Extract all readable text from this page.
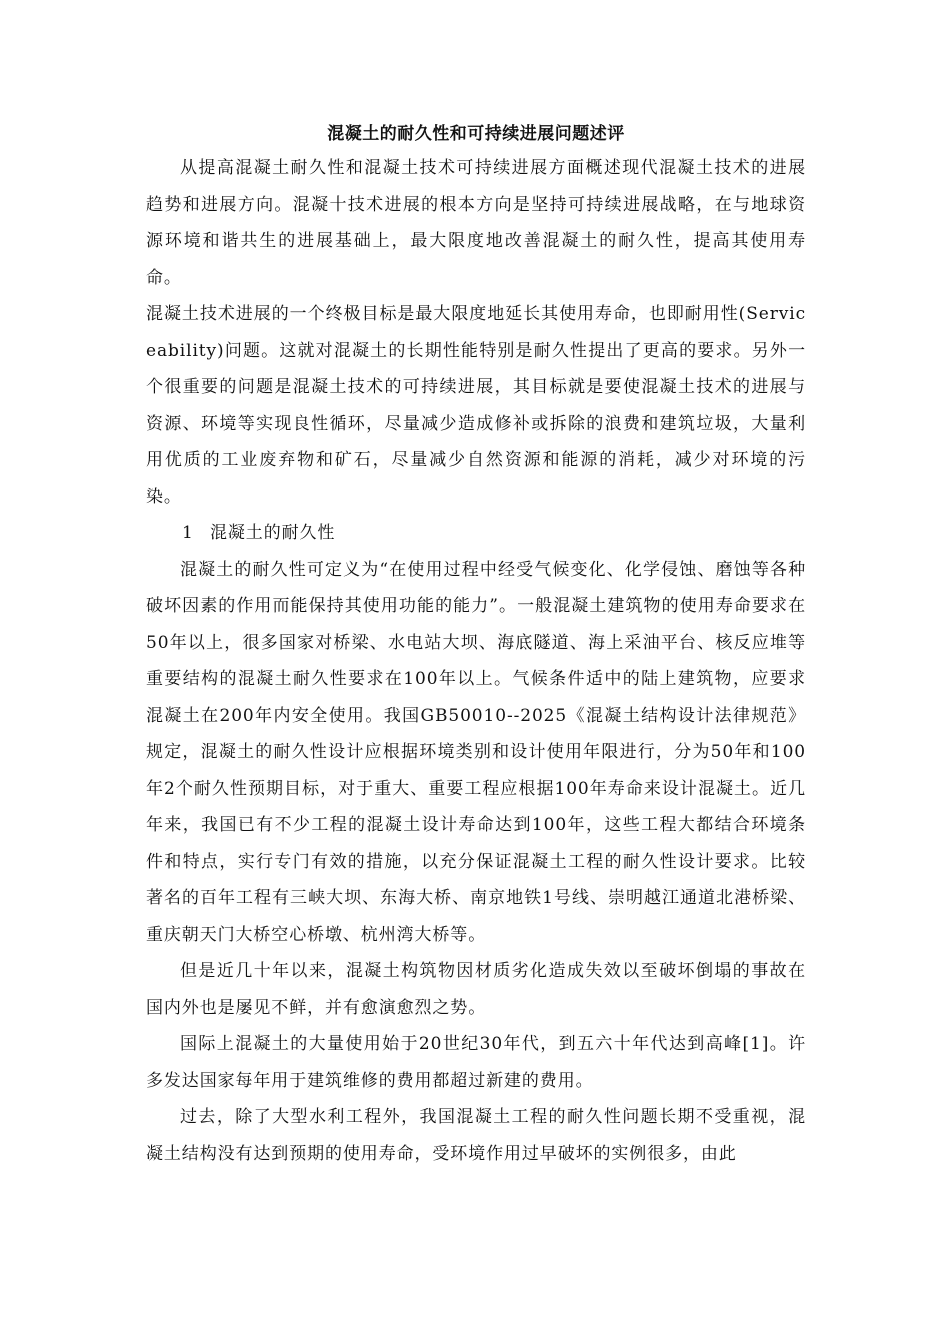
混凝土的耐久性和可持续进展问题述评

从提高混凝土耐久性和混凝土技术可持续进展方面概述现代混凝土技术的进展趋势和进展方向。混凝十技术进展的根本方向是坚持可持续进展战略，在与地球资源环境和谐共生的进展基础上，最大限度地改善混凝土的耐久性，提高其使用寿命。

混凝土技术进展的一个终极目标是最大限度地延长其使用寿命，也即耐用性(Serviceability)问题。这就对混凝土的长期性能特别是耐久性提出了更高的要求。另外一个很重要的问题是混凝土技术的可持续进展，其目标就是要使混凝土技术的进展与资源、环境等实现良性循环，尽量减少造成修补或拆除的浪费和建筑垃圾，大量利用优质的工业废弃物和矿石，尽量减少自然资源和能源的消耗，减少对环境的污染。

1 混凝土的耐久性

混凝土的耐久性可定义为“在使用过程中经受气候变化、化学侵蚀、磨蚀等各种破坏因素的作用而能保持其使用功能的能力”。一般混凝土建筑物的使用寿命要求在50年以上，很多国家对桥梁、水电站大坝、海底隧道、海上采油平台、核反应堆等重要结构的混凝土耐久性要求在100年以上。气候条件适中的陆上建筑物，应要求混凝土在200年内安全使用。我国GB50010--2025《混凝土结构设计法律规范》规定，混凝土的耐久性设计应根据环境类别和设计使用年限进行，分为50年和100年2个耐久性预期目标，对于重大、重要工程应根据100年寿命来设计混凝土。近几年来，我国已有不少工程的混凝土设计寿命达到100年，这些工程大都结合环境条件和特点，实行专门有效的措施，以充分保证混凝土工程的耐久性设计要求。比较著名的百年工程有三峡大坝、东海大桥、南京地铁1号线、崇明越江通道北港桥梁、重庆朝天门大桥空心桥墩、杭州湾大桥等。

但是近几十年以来，混凝土构筑物因材质劣化造成失效以至破坏倒塌的事故在国内外也是屡见不鲜，并有愈演愈烈之势。

国际上混凝土的大量使用始于20世纪30年代，到五六十年代达到高峰[1]。许多发达国家每年用于建筑维修的费用都超过新建的费用。

过去，除了大型水利工程外，我国混凝土工程的耐久性问题长期不受重视，混凝土结构没有达到预期的使用寿命，受环境作用过早破坏的实例很多，由此
